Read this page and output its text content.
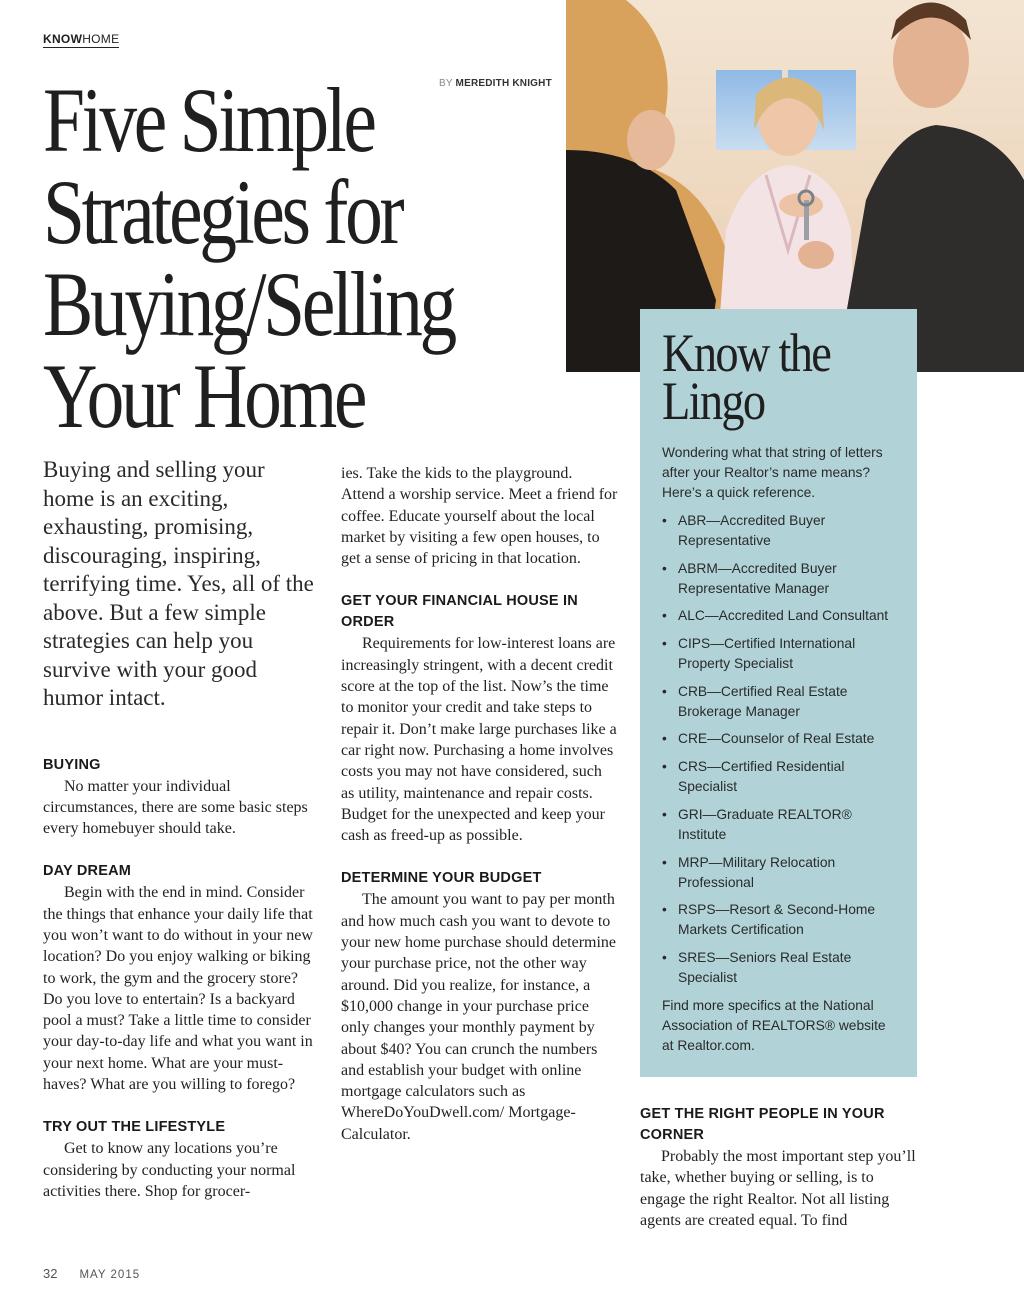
KNOWHOME
BY MEREDITH KNIGHT
Five Simple
Strategies for
Buying/Selling
Your Home

Buying and selling your home is an exciting, exhausting, promising, discouraging, inspiring, terrifying time. Yes, all of the above. But a few simple strategies can help you survive with your good humor intact.

BUYING

No matter your individual circumstances, there are some basic steps every homebuyer should take.

DAY DREAM

Begin with the end in mind. Consider the things that enhance your daily life that you won’t want to do without in your new location? Do you enjoy walking or biking to work, the gym and the grocery store? Do you love to entertain? Is a backyard pool a must? Take a little time to consider your day-to-day life and what you want in your next home. What are your must-haves? What are you willing to forego?

TRY OUT THE LIFESTYLE

Get to know any locations you’re considering by conducting your normal activities there. Shop for grocer-

ies. Take the kids to the playground. Attend a worship service. Meet a friend for coffee. Educate yourself about the local market by visiting a few open houses, to get a sense of pricing in that location.

GET YOUR FINANCIAL HOUSE IN ORDER

Requirements for low-interest loans are increasingly stringent, with a decent credit score at the top of the list. Now’s the time to monitor your credit and take steps to repair it. Don’t make large purchases like a car right now. Purchasing a home involves costs you may not have considered, such as utility, maintenance and repair costs. Budget for the unexpected and keep your cash as freed-up as possible.

DETERMINE YOUR BUDGET

The amount you want to pay per month and how much cash you want to devote to your new home purchase should determine your purchase price, not the other way around. Did you realize, for instance, a $10,000 change in your purchase price only changes your monthly payment by about $40? You can crunch the numbers and establish your budget with online mortgage calculators such as WhereDoYouDwell.com/ Mortgage-Calculator.

Know the
Lingo

Wondering what that string of letters after your Realtor’s name means? Here’s a quick reference.

• ABR—Accredited Buyer Representative
• ABRM—Accredited Buyer Representative Manager
• ALC—Accredited Land Consultant
• CIPS—Certified International Property Specialist
• CRB—Certified Real Estate Brokerage Manager
• CRE—Counselor of Real Estate
• CRS—Certified Residential Specialist
• GRI—Graduate REALTOR® Institute
• MRP—Military Relocation Professional
• RSPS—Resort & Second-Home Markets Certification
• SRES—Seniors Real Estate Specialist

Find more specifics at the National Association of REALTORS® website at Realtor.com.

GET THE RIGHT PEOPLE IN YOUR CORNER

Probably the most important step you’ll take, whether buying or selling, is to engage the right Realtor. Not all listing agents are created equal. To find

32 MAY 2015
